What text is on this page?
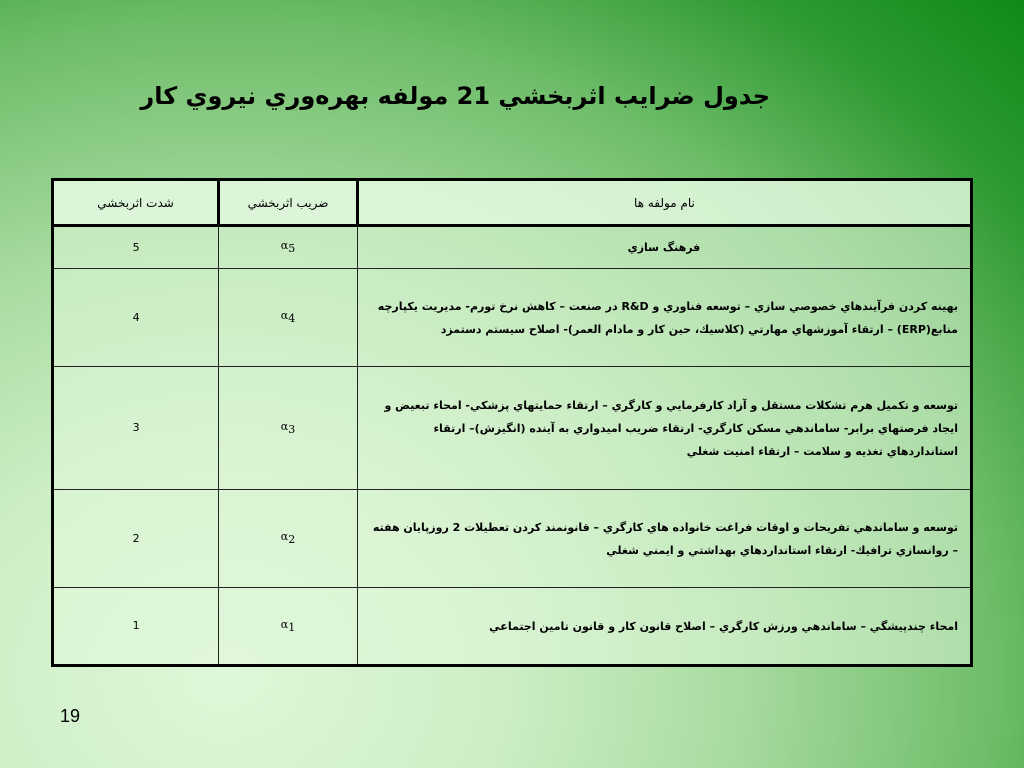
جدول ضرایب اثربخشي 21 مولفه بهره‌وري نيروي كار
نام مولفه ها	ضريب اثربخشي	شدت اثربخشي
فرهنگ سازي	$\alpha_5$	5
بهينه كردن فرآيندهاي خصوصي سازي – توسعه فناوري و R&D در صنعت – كاهش نرخ تورم- مديريت يكپارچه منابع(ERP) – ارتقاء آموزشهاي مهارتي (كلاسيك، حين كار و مادام العمر)- اصلاح سيستم دستمزد	$\alpha_4$	4
توسعه و تكميل هرم تشكلات مستقل و آزاد كارفرمايي و كارگري – ارتقاء حمايتهاي پزشكي- امحاء تبعيض و ايجاد فرصتهاي برابر- ساماندهي مسكن كارگري- ارتقاء ضريب اميدواري به آينده (انگيزش)– ارتقاء استانداردهاي تغذيه و سلامت – ارتقاء امنيت شغلي	$\alpha_3$	3
توسعه و ساماندهي تفريحات و اوقات فراغت خانواده هاي كارگري – قانونمند كردن تعطيلات 2 روزپايان هفته – روانسازي ترافيك- ارتقاء استانداردهاي بهداشتي و ايمني شغلي	$\alpha_2$	2
امحاء چندپيشگي – ساماندهي ورزش كارگري – اصلاح قانون كار و قانون تامين اجتماعي	$\alpha_1$	1
19
